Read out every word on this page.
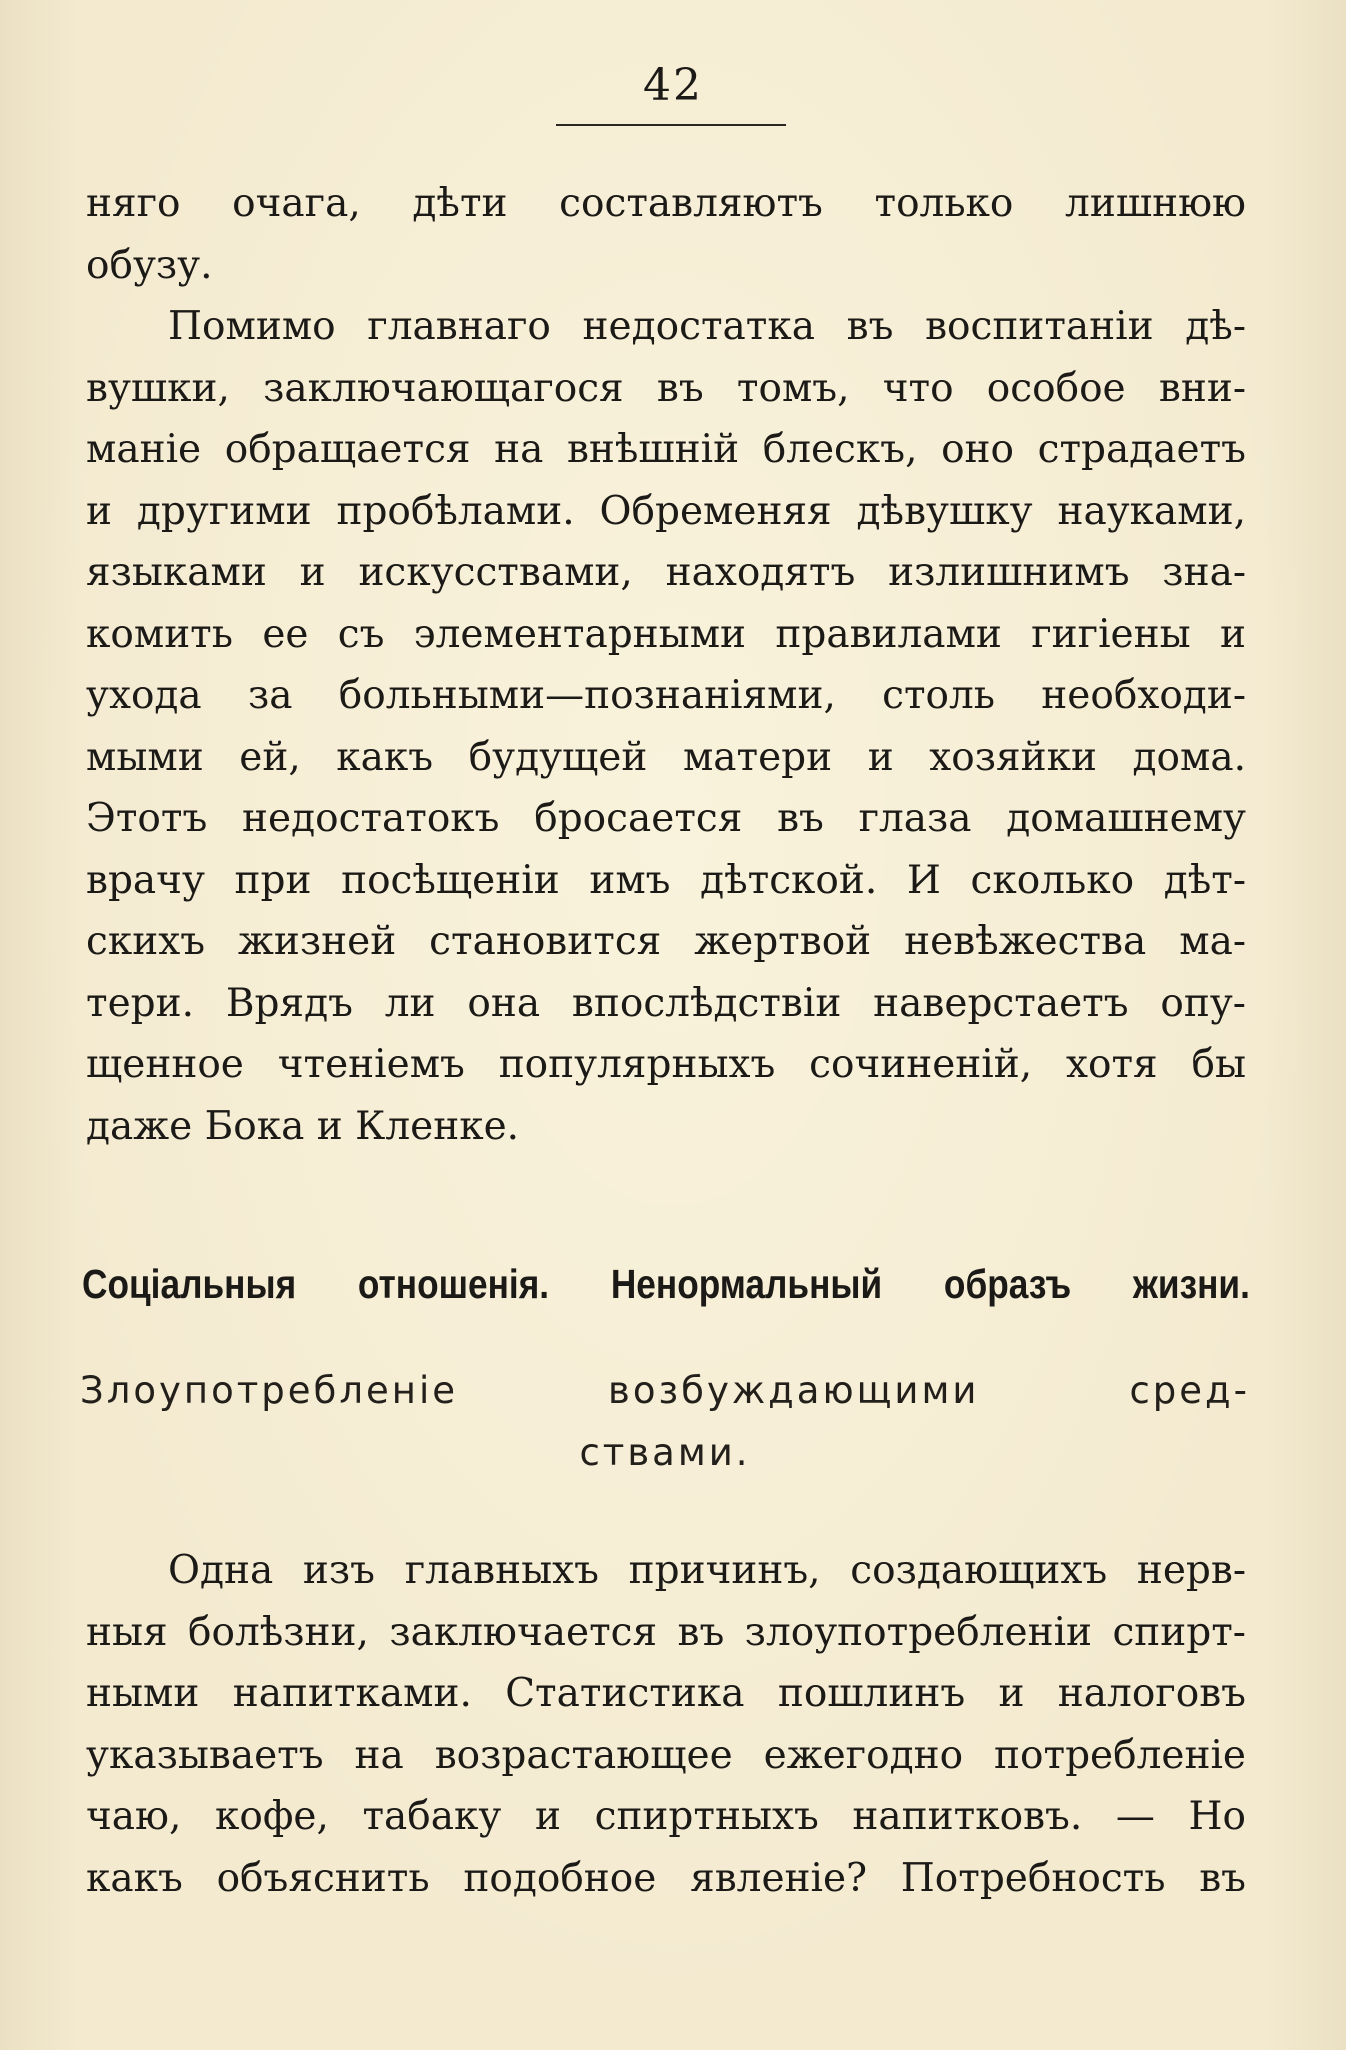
42
няго очага, дѣти составляютъ только лишнюю
обузу.
Помимо главнаго недостатка въ воспитаніи дѣ-
вушки, заключающагося въ томъ, что особое вни-
маніе обращается на внѣшній блескъ, оно страдаетъ
и другими пробѣлами. Обременяя дѣвушку науками,
языками и искусствами, находятъ излишнимъ зна-
комить ее съ элементарными правилами гигіены и
ухода за больными—познаніями, столь необходи-
мыми ей, какъ будущей матери и хозяйки дома.
Этотъ недостатокъ бросается въ глаза домашнему
врачу при посѣщеніи имъ дѣтской. И сколько дѣт-
скихъ жизней становится жертвой невѣжества ма-
тери. Врядъ ли она впослѣдствіи наверстаетъ опу-
щенное чтеніемъ популярныхъ сочиненій, хотя бы
даже Бока и Кленке.
Соціальныя отношенія. Ненормальный образъ жизни.
Злоупотребленіе возбуждающими сред-
ствами.
Одна изъ главныхъ причинъ, создающихъ нерв-
ныя болѣзни, заключается въ злоупотребленіи спирт-
ными напитками. Статистика пошлинъ и налоговъ
указываетъ на возрастающее ежегодно потребленіе
чаю, кофе, табаку и спиртныхъ напитковъ. — Но
какъ объяснить подобное явленіе? Потребность въ
